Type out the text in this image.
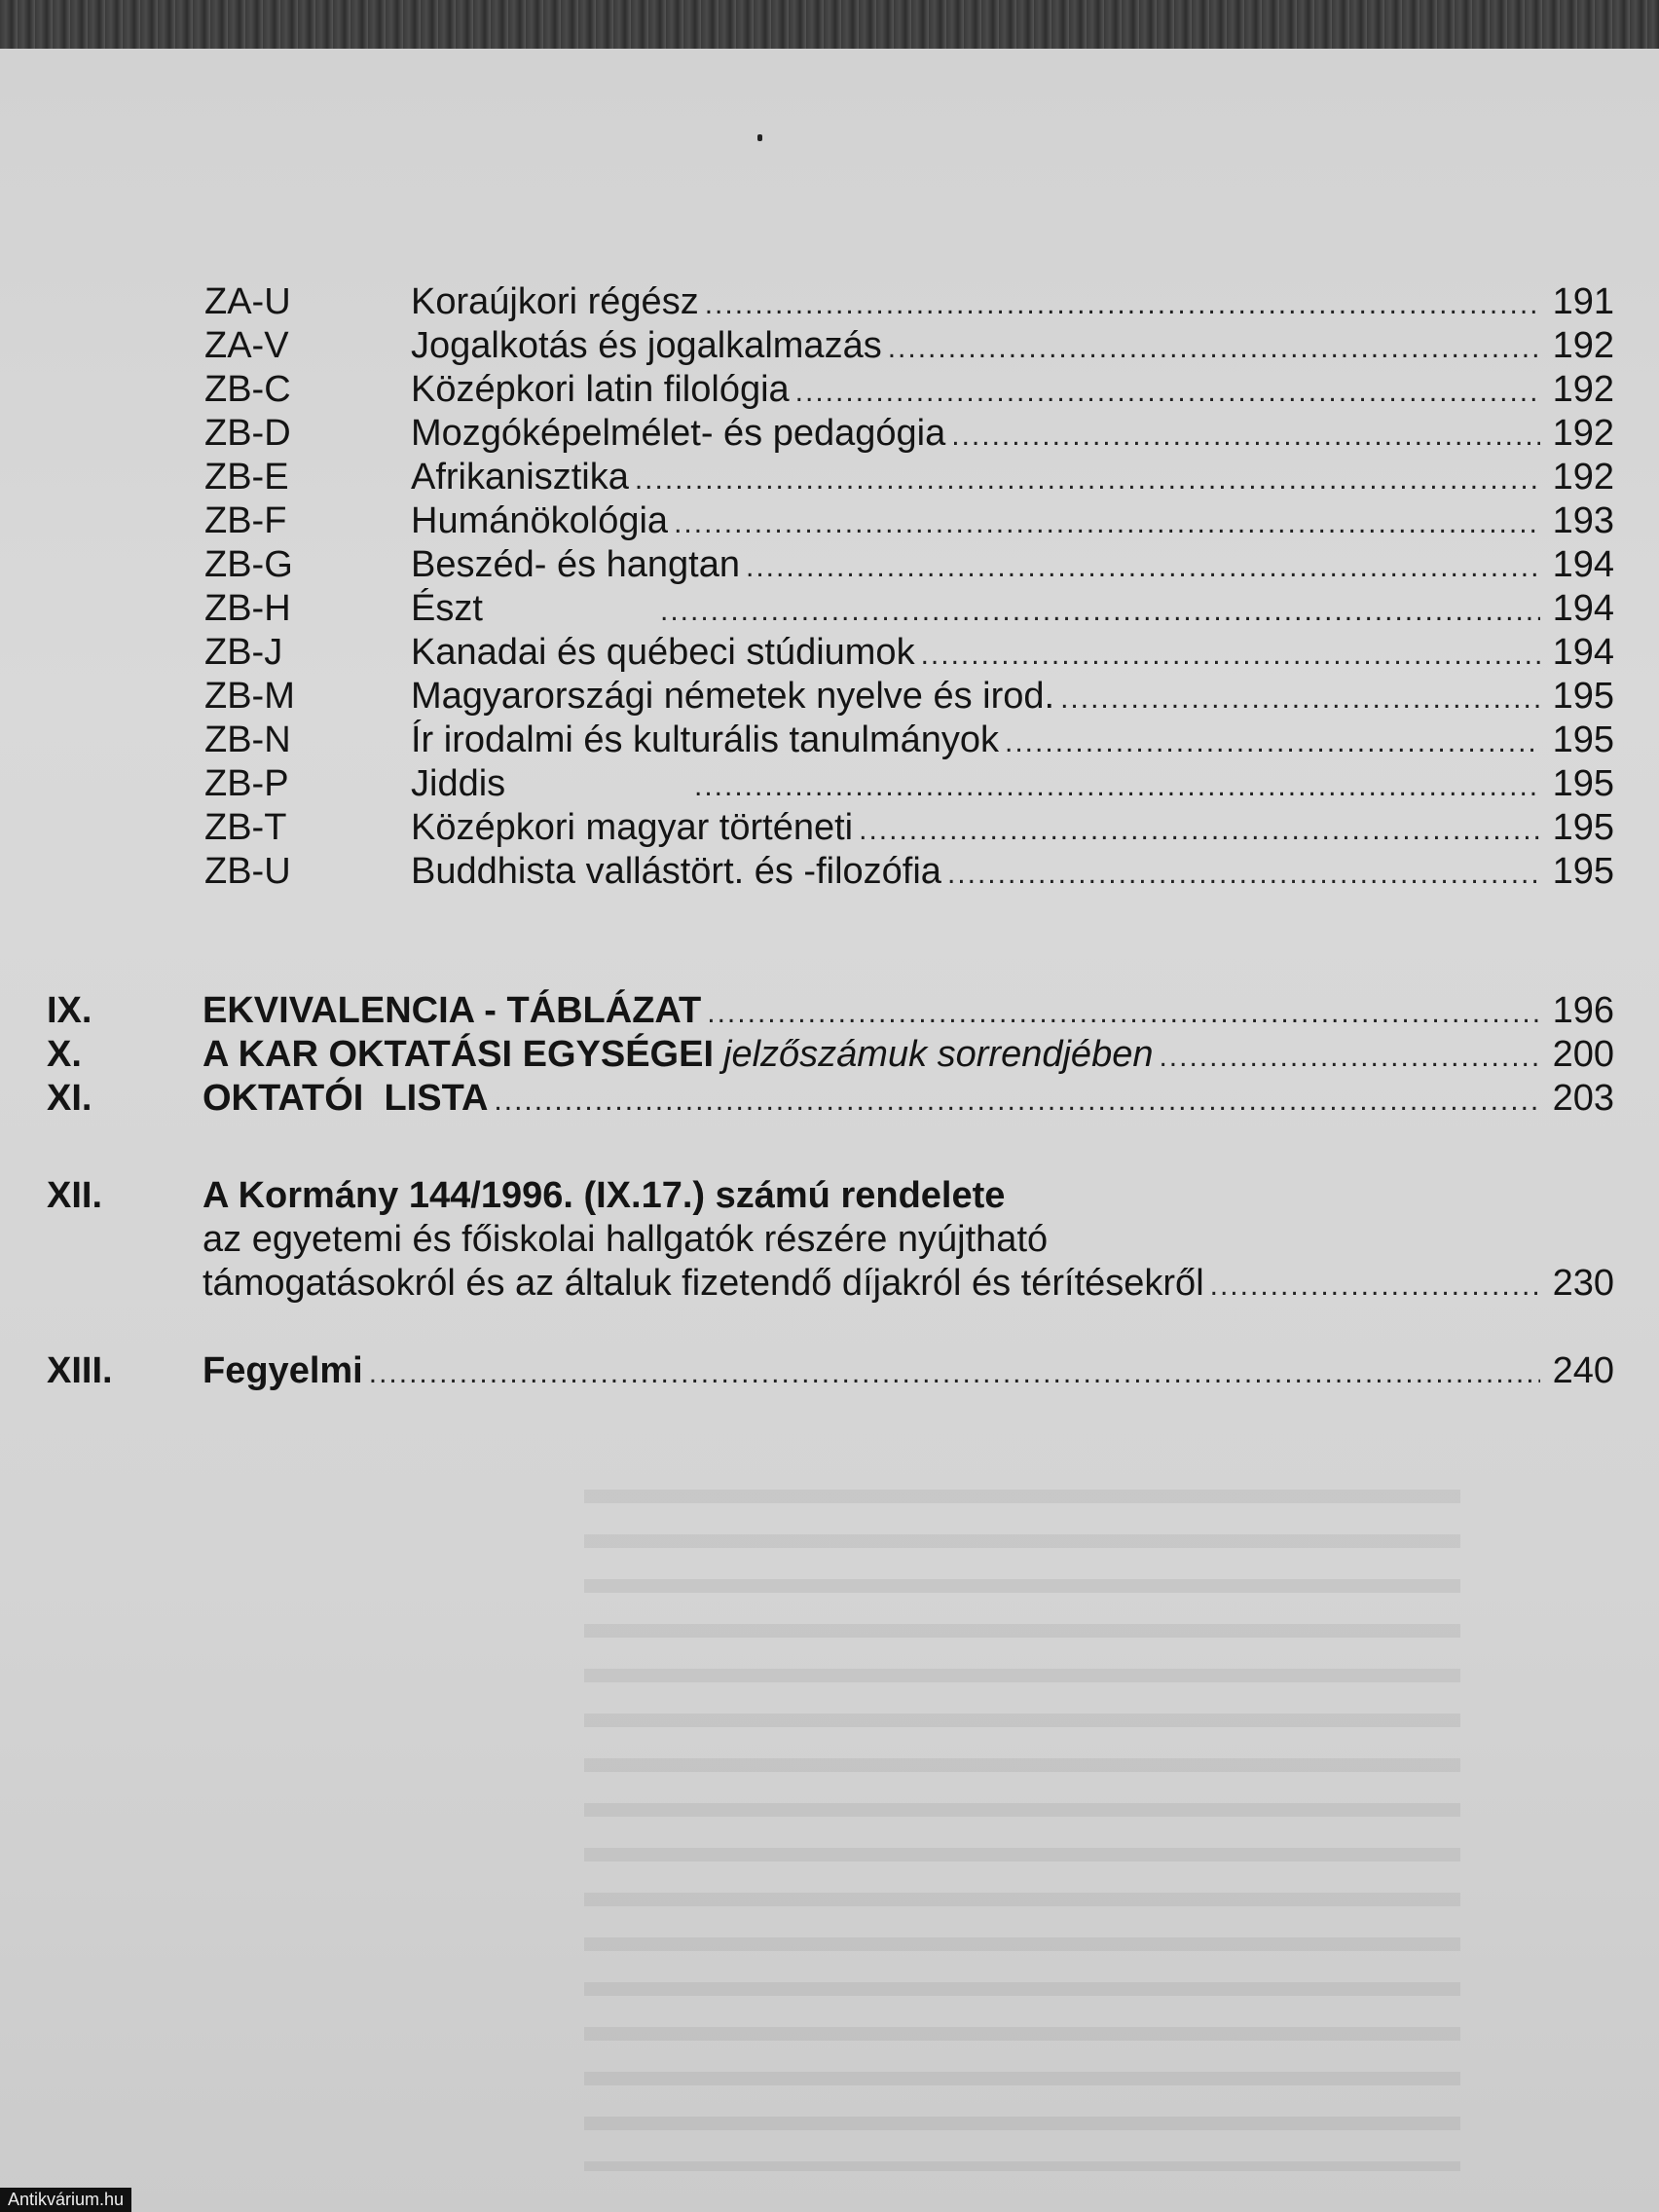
ZA-U	Koraújkori régész .....	191
ZA-V	Jogalkotás és jogalkalmazás .....	192
ZB-C	Középkori latin filológia .....	192
ZB-D	Mozgóképelmélet- és pedagógia .....	192
ZB-E	Afrikanisztika .....	192
ZB-F	Humánökológia .....	193
ZB-G	Beszéd- és hangtan .....	194
ZB-H	Észt .....	194
ZB-J	Kanadai és québeci stúdiumok .....	194
ZB-M	Magyarországi németek nyelve és irod. .....	195
ZB-N	Ír irodalmi és kulturális tanulmányok .....	195
ZB-P	Jiddis .....	195
ZB-T	Középkori magyar történeti .....	195
ZB-U	Buddhista vallástört. és -filozófia .....	195
IX.	EKVIVALENCIA - TÁBLÁZAT .....	196
X.	A KAR OKTATÁSI EGYSÉGEI jelzőszámuk sorrendjében .....	200
XI.	OKTATÓI  LISTA .....	203
XII.	A Kormány 144/1996. (IX.17.) számú rendelete
az egyetemi és főiskolai hallgatók részére nyújtható
támogatásokról és az általuk fizetendő díjakról és térítésekről .....	230
XIII.	Fegyelmi .....	240
Antikvárium.hu
